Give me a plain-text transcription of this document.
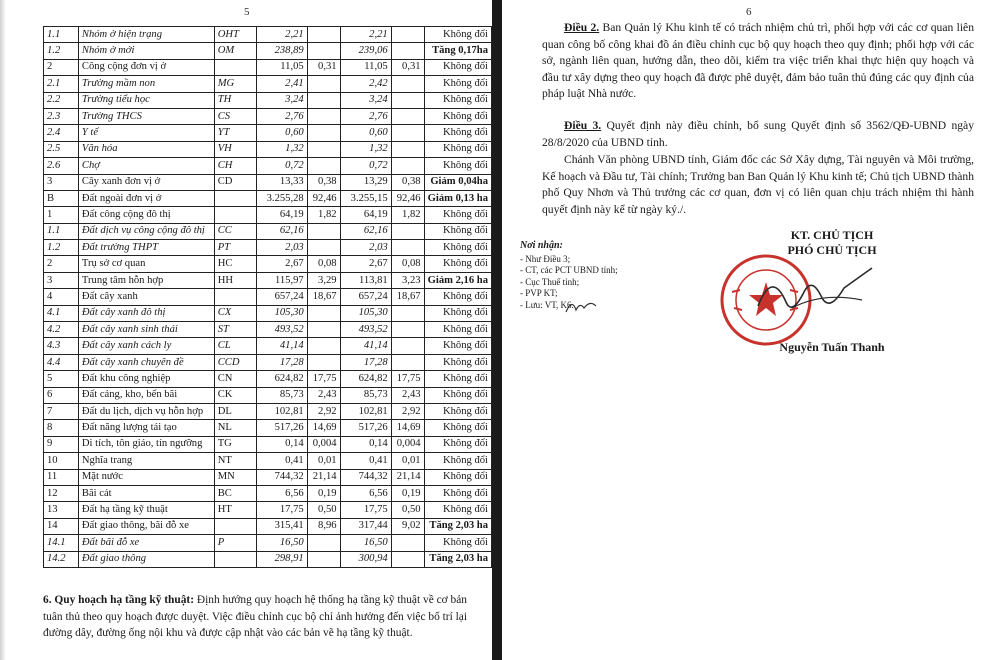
5
1.1	Nhóm ở hiện trạng	OHT	2,21		2,21		Không đổi
1.2	Nhóm ở mới	OM	238,89		239,06		Tăng 0,17ha
2	Công cộng đơn vị ở		11,05	0,31	11,05	0,31	Không đổi
2.1	Trường mầm non	MG	2,41		2,42		Không đổi
2.2	Trường tiểu học	TH	3,24		3,24		Không đổi
2.3	Trường THCS	CS	2,76		2,76		Không đổi
2.4	Y tế	YT	0,60		0,60		Không đổi
2.5	Văn hóa	VH	1,32		1,32		Không đổi
2.6	Chợ	CH	0,72		0,72		Không đổi
3	Cây xanh đơn vị ở	CD	13,33	0,38	13,29	0,38	Giảm 0,04ha
B	Đất ngoài đơn vị ở		3.255,28	92,46	3.255,15	92,46	Giảm 0,13 ha
1	Đất công cộng đô thị		64,19	1,82	64,19	1,82	Không đổi
1.1	Đất dịch vụ công cộng đô thị	CC	62,16		62,16		Không đổi
1.2	Đất trường THPT	PT	2,03		2,03		Không đổi
2	Trụ sở cơ quan	HC	2,67	0,08	2,67	0,08	Không đổi
3	Trung tâm hỗn hợp	HH	115,97	3,29	113,81	3,23	Giảm 2,16 ha
4	Đất cây xanh		657,24	18,67	657,24	18,67	Không đổi
4.1	Đất cây xanh đô thị	CX	105,30		105,30		Không đổi
4.2	Đất cây xanh sinh thái	ST	493,52		493,52		Không đổi
4.3	Đất cây xanh cách ly	CL	41,14		41,14		Không đổi
4.4	Đất cây xanh chuyên đề	CCD	17,28		17,28		Không đổi
5	Đất khu công nghiệp	CN	624,82	17,75	624,82	17,75	Không đổi
6	Đất cảng, kho, bến bãi	CK	85,73	2,43	85,73	2,43	Không đổi
7	Đất du lịch, dịch vụ hỗn hợp	DL	102,81	2,92	102,81	2,92	Không đổi
8	Đất năng lượng tái tạo	NL	517,26	14,69	517,26	14,69	Không đổi
9	Di tích, tôn giáo, tín ngưỡng	TG	0,14	0,004	0,14	0,004	Không đổi
10	Nghĩa trang	NT	0,41	0,01	0,41	0,01	Không đổi
11	Mặt nước	MN	744,32	21,14	744,32	21,14	Không đổi
12	Bãi cát	BC	6,56	0,19	6,56	0,19	Không đổi
13	Đất hạ tầng kỹ thuật	HT	17,75	0,50	17,75	0,50	Không đổi
14	Đất giao thông, bãi đỗ xe		315,41	8,96	317,44	9,02	Tăng 2,03 ha
14.1	Đất bãi đỗ xe	P	16,50		16,50		Không đổi
14.2	Đất giao thông		298,91		300,94		Tăng 2,03 ha
6. Quy hoạch hạ tầng kỹ thuật: Định hướng quy hoạch hệ thống hạ tầng kỹ thuật về cơ bản tuân thủ theo quy hoạch được duyệt. Việc điều chỉnh cục bộ chỉ ảnh hưởng đến việc bố trí lại đường dây, đường ống nội khu và được cập nhật vào các bản vẽ hạ tầng kỹ thuật.
6
Điều 2. Ban Quản lý Khu kinh tế có trách nhiệm chủ trì, phối hợp với các cơ quan liên quan công bố công khai đồ án điều chỉnh cục bộ quy hoạch theo quy định; phối hợp với các sở, ngành liên quan, hướng dẫn, theo dõi, kiểm tra việc triển khai thực hiện quy hoạch và đầu tư xây dựng theo quy hoạch đã được phê duyệt, đảm bảo tuân thủ đúng các quy định của pháp luật Nhà nước.
Điều 3. Quyết định này điều chỉnh, bổ sung Quyết định số 3562/QĐ-UBND ngày 28/8/2020 của UBND tỉnh.
Chánh Văn phòng UBND tỉnh, Giám đốc các Sở Xây dựng, Tài nguyên và Môi trường, Kế hoạch và Đầu tư, Tài chính; Trưởng ban Ban Quản lý Khu kinh tế; Chủ tịch UBND thành phố Quy Nhơn và Thủ trưởng các cơ quan, đơn vị có liên quan chịu trách nhiệm thi hành quyết định này kể từ ngày ký./.
Nơi nhận:
- Như Điều 3;
- CT, các PCT UBND tỉnh;
- Cục Thuế tỉnh;
- PVP KT;
- Lưu: VT, K6.
KT. CHỦ TỊCH
PHÓ CHỦ TỊCH
Nguyễn Tuấn Thanh
